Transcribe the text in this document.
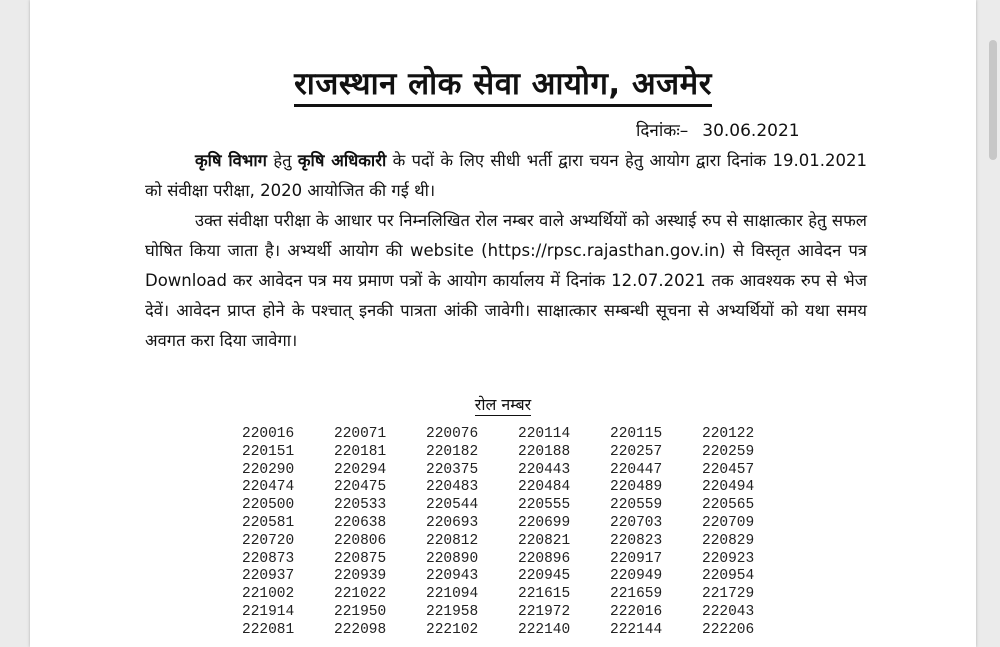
राजस्थान लोक सेवा आयोग, अजमेर
दिनांकः– 30.06.2021

कृषि विभाग हेतु कृषि अधिकारी के पदों के लिए सीधी भर्ती द्वारा चयन हेतु आयोग द्वारा दिनांक 19.01.2021 को संवीक्षा परीक्षा, 2020 आयोजित की गई थी।

उक्त संवीक्षा परीक्षा के आधार पर निम्नलिखित रोल नम्बर वाले अभ्यर्थियों को अस्थाई रुप से साक्षात्कार हेतु सफल घोषित किया जाता है। अभ्यर्थी आयोग की website (https://rpsc.rajasthan.gov.in) से विस्तृत आवेदन पत्र Download कर आवेदन पत्र मय प्रमाण पत्रों के आयोग कार्यालय में दिनांक 12.07.2021 तक आवश्यक रुप से भेज देवें। आवेदन प्राप्त होने के पश्चात् इनकी पात्रता आंकी जावेगी। साक्षात्कार सम्बन्धी सूचना से अभ्यर्थियों को यथा समय अवगत करा दिया जावेगा।

रोल नम्बर
220016	220071	220076	220114	220115	220122
220151	220181	220182	220188	220257	220259
220290	220294	220375	220443	220447	220457
220474	220475	220483	220484	220489	220494
220500	220533	220544	220555	220559	220565
220581	220638	220693	220699	220703	220709
220720	220806	220812	220821	220823	220829
220873	220875	220890	220896	220917	220923
220937	220939	220943	220945	220949	220954
221002	221022	221094	221615	221659	221729
221914	221950	221958	221972	222016	222043
222081	222098	222102	222140	222144	222206
